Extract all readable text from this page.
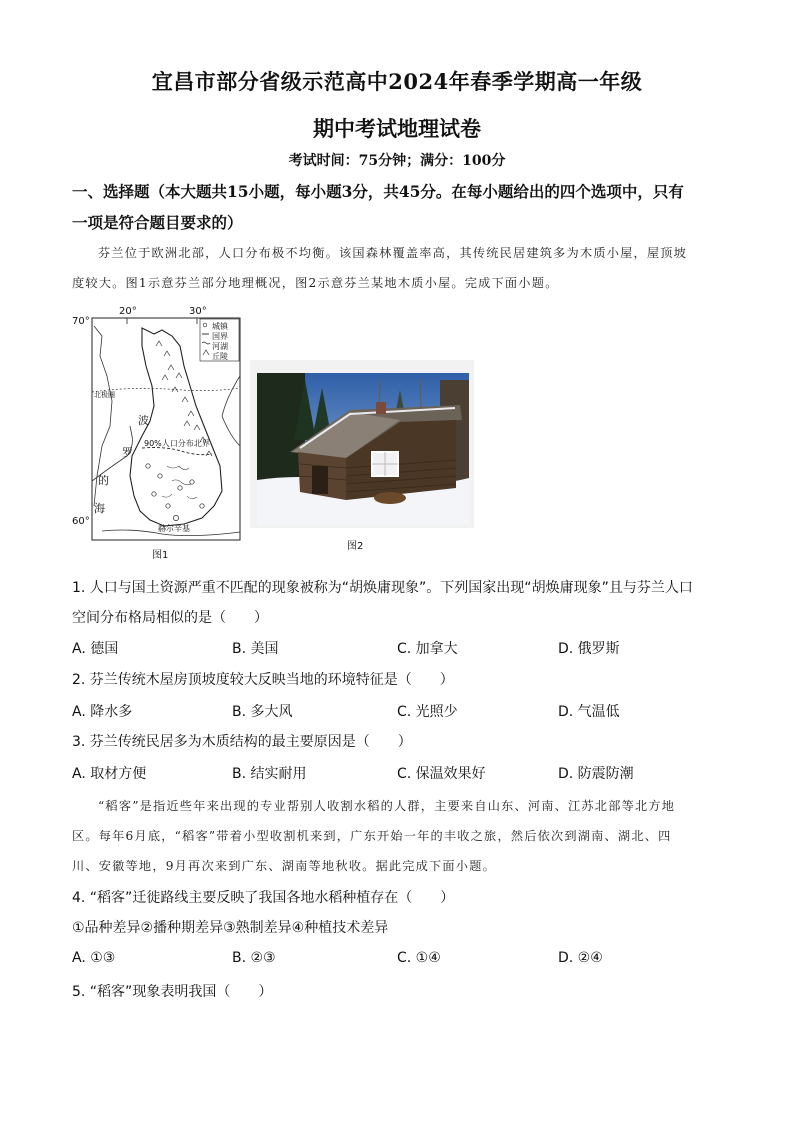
宜昌市部分省级示范高中2024年春季学期高一年级
期中考试地理试卷
考试时间：75分钟；满分：100分
一、选择题（本大题共15小题，每小题3分，共45分。在每小题给出的四个选项中，只有
一项是符合题目要求的）
芬兰位于欧洲北部，人口分布极不均衡。该国森林覆盖率高，其传统民居建筑多为木质小屋，屋顶坡
度较大。图1示意芬兰部分地理概况，图2示意芬兰某地木质小屋。完成下面小题。
70°
60°
20°	30°
城镇
国界
河湖
丘陵
北极圈
波
罗
的
海
90%人口分布北界
赫尔辛基
图1
图2
1. 人口与国土资源严重不匹配的现象被称为“胡焕庸现象”。下列国家出现“胡焕庸现象”且与芬兰人口
空间分布格局相似的是（　　）
A. 德国	B. 美国	C. 加拿大	D. 俄罗斯
2. 芬兰传统木屋房顶坡度较大反映当地的环境特征是（　　）
A. 降水多	B. 多大风	C. 光照少	D. 气温低
3. 芬兰传统民居多为木质结构的最主要原因是（　　）
A. 取材方便	B. 结实耐用	C. 保温效果好	D. 防震防潮
“稻客”是指近些年来出现的专业帮别人收割水稻的人群，主要来自山东、河南、江苏北部等北方地
区。每年6月底，“稻客”带着小型收割机来到，广东开始一年的丰收之旅，然后依次到湖南、湖北、四
川、安徽等地，9月再次来到广东、湖南等地秋收。据此完成下面小题。
4. “稻客”迁徙路线主要反映了我国各地水稻种植存在（　　）
①品种差异②播种期差异③熟制差异④种植技术差异
A. ①③	B. ②③	C. ①④	D. ②④
5. “稻客”现象表明我国（　　）
